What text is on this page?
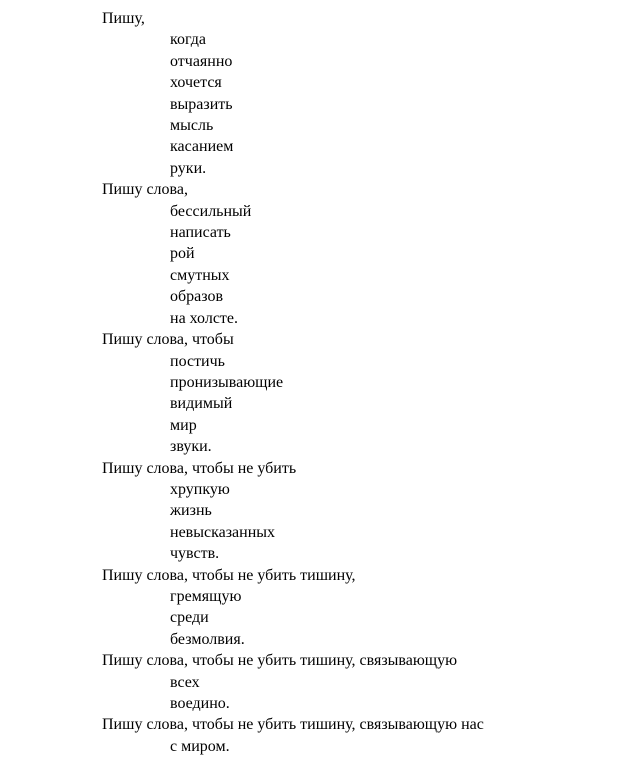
Пишу,
когда
отчаянно
хочется
выразить
мысль
касанием
руки.
Пишу слова,
бессильный
написать
рой
смутных
образов
на холсте.
Пишу слова, чтобы
постичь
пронизывающие
видимый
мир
звуки.
Пишу слова, чтобы не убить
хрупкую
жизнь
невысказанных
чувств.
Пишу слова, чтобы не убить тишину,
гремящую
среди
безмолвия.
Пишу слова, чтобы не убить тишину, связывающую
всех
воедино.
Пишу слова, чтобы не убить тишину, связывающую нас
с миром.
